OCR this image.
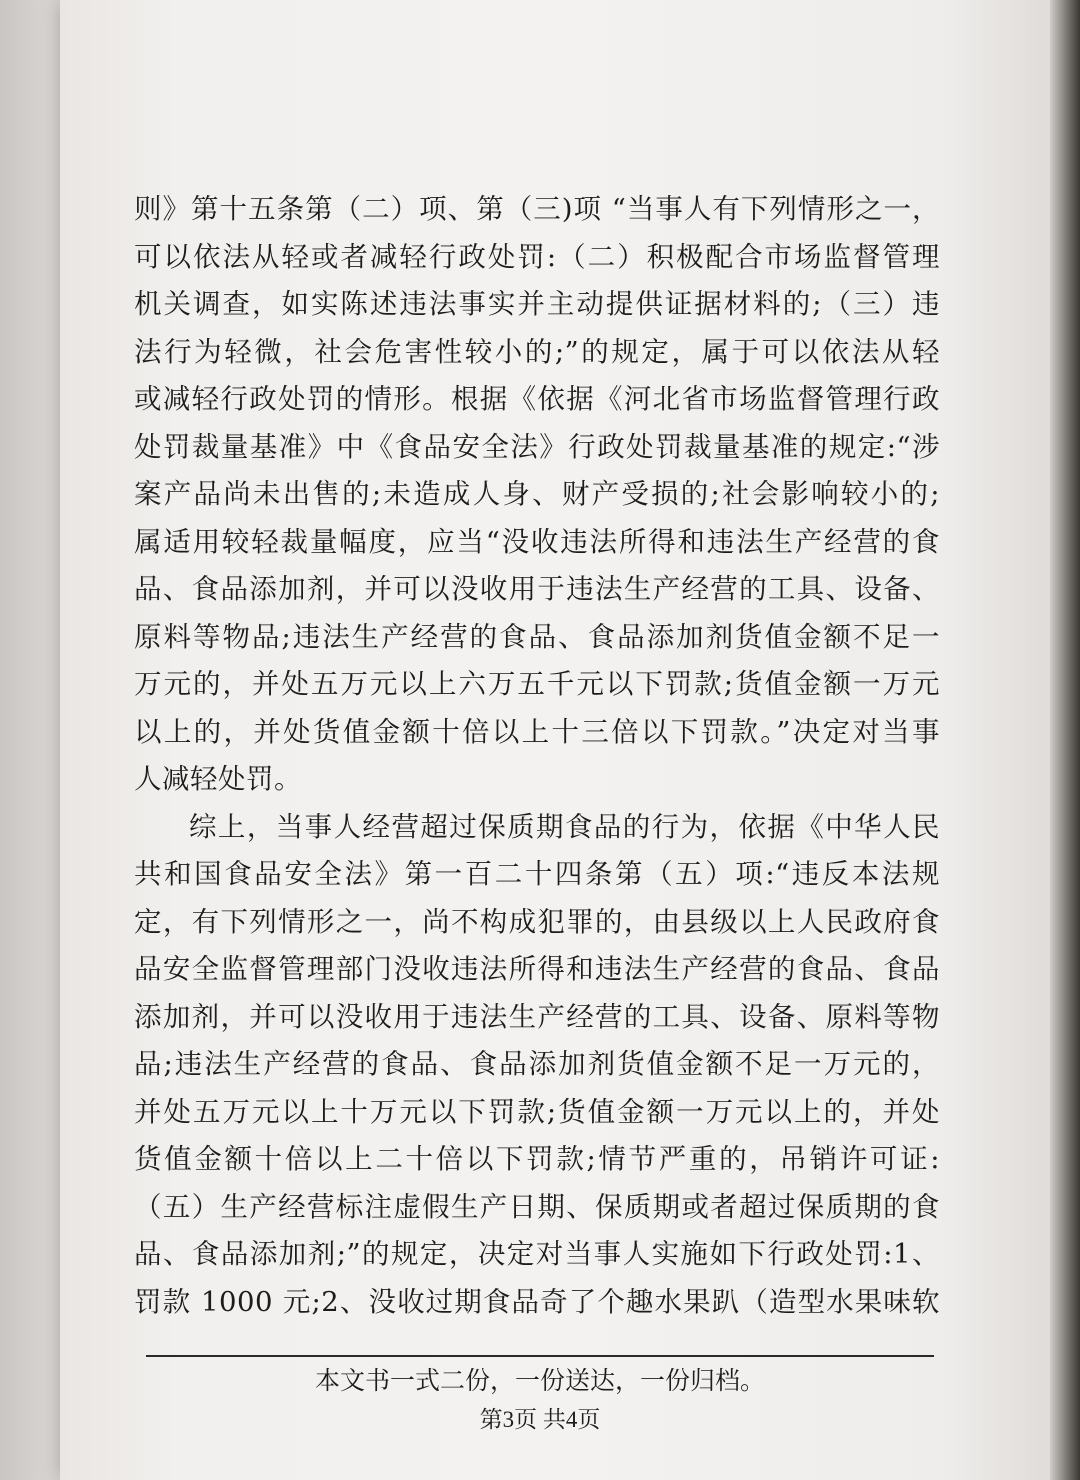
则》第十五条第（二）项、第（三)项 “当事人有下列情形之一，
可以依法从轻或者减轻行政处罚:（二）积极配合市场监督管理
机关调查，如实陈述违法事实并主动提供证据材料的;（三）违
法行为轻微，社会危害性较小的;”的规定，属于可以依法从轻
或减轻行政处罚的情形。根据《依据《河北省市场监督管理行政
处罚裁量基准》中《食品安全法》行政处罚裁量基准的规定:“涉
案产品尚未出售的;未造成人身、财产受损的;社会影响较小的;
属适用较轻裁量幅度，应当“没收违法所得和违法生产经营的食
品、食品添加剂，并可以没收用于违法生产经营的工具、设备、
原料等物品;违法生产经营的食品、食品添加剂货值金额不足一
万元的，并处五万元以上六万五千元以下罚款;货值金额一万元
以上的，并处货值金额十倍以上十三倍以下罚款。”决定对当事
人减轻处罚。
综上，当事人经营超过保质期食品的行为，依据《中华人民
共和国食品安全法》第一百二十四条第（五）项:“违反本法规
定，有下列情形之一，尚不构成犯罪的，由县级以上人民政府食
品安全监督管理部门没收违法所得和违法生产经营的食品、食品
添加剂，并可以没收用于违法生产经营的工具、设备、原料等物
品;违法生产经营的食品、食品添加剂货值金额不足一万元的，
并处五万元以上十万元以下罚款;货值金额一万元以上的，并处
货值金额十倍以上二十倍以下罚款;情节严重的，吊销许可证:
（五）生产经营标注虚假生产日期、保质期或者超过保质期的食
品、食品添加剂;”的规定，决定对当事人实施如下行政处罚:1、
罚款 1000 元;2、没收过期食品奇了个趣水果趴（造型水果味软
本文书一式二份，一份送达，一份归档。
第3页 共4页
